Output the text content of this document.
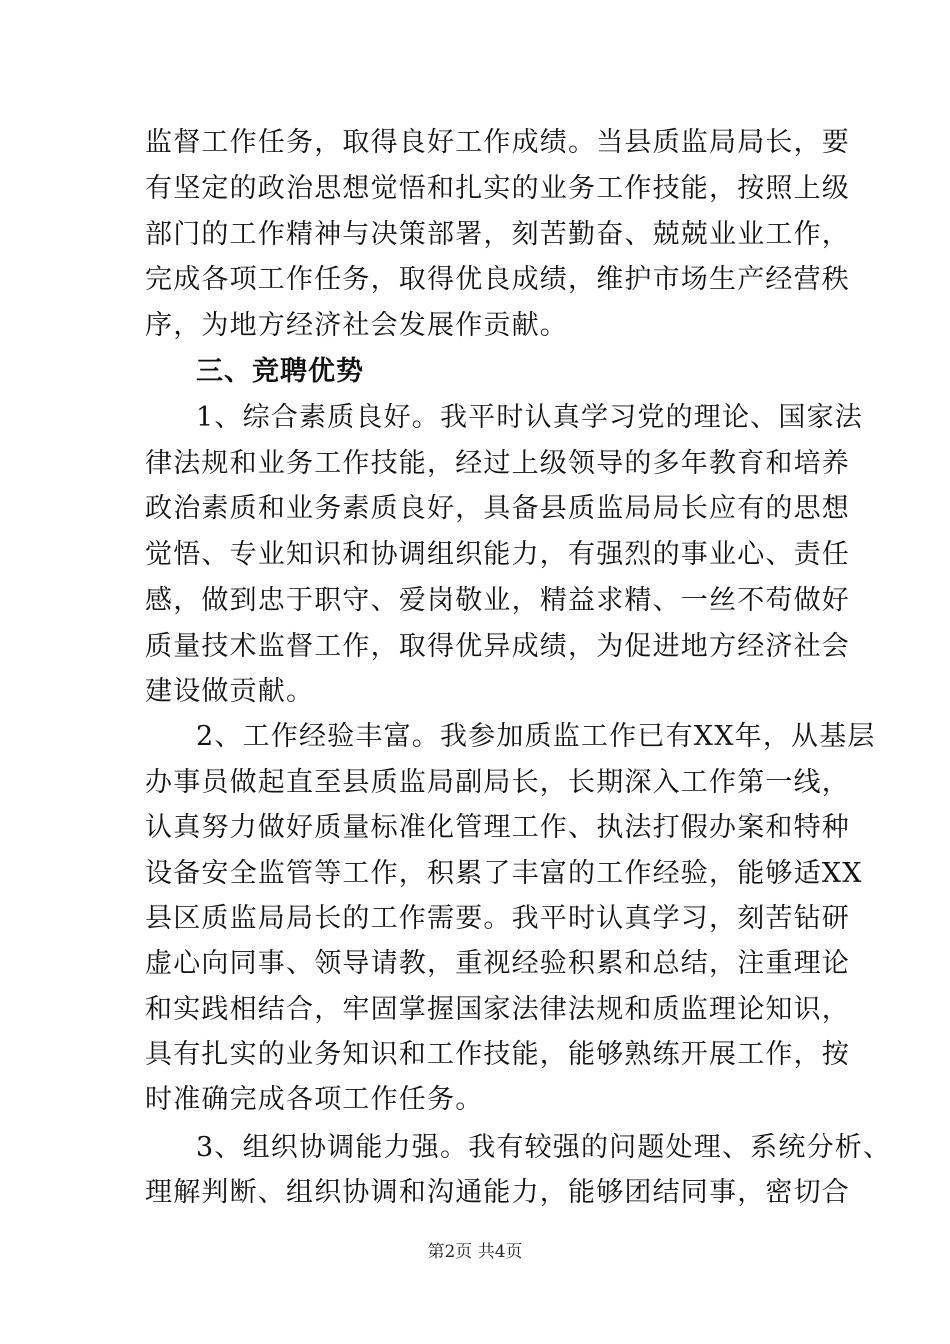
监督工作任务，取得良好工作成绩。当县质监局局长，要
有坚定的政治思想觉悟和扎实的业务工作技能，按照上级
部门的工作精神与决策部署，刻苦勤奋、兢兢业业工作，
完成各项工作任务，取得优良成绩，维护市场生产经营秩
序，为地方经济社会发展作贡献。
三、竞聘优势
1、综合素质良好。我平时认真学习党的理论、国家法
律法规和业务工作技能，经过上级领导的多年教育和培养
政治素质和业务素质良好，具备县质监局局长应有的思想
觉悟、专业知识和协调组织能力，有强烈的事业心、责任
感，做到忠于职守、爱岗敬业，精益求精、一丝不苟做好
质量技术监督工作，取得优异成绩，为促进地方经济社会
建设做贡献。
2、工作经验丰富。我参加质监工作已有XX年，从基层
办事员做起直至县质监局副局长，长期深入工作第一线，
认真努力做好质量标准化管理工作、执法打假办案和特种
设备安全监管等工作，积累了丰富的工作经验，能够适XX
县区质监局局长的工作需要。我平时认真学习，刻苦钻研
虚心向同事、领导请教，重视经验积累和总结，注重理论
和实践相结合，牢固掌握国家法律法规和质监理论知识，
具有扎实的业务知识和工作技能，能够熟练开展工作，按
时准确完成各项工作任务。
3、组织协调能力强。我有较强的问题处理、系统分析、
理解判断、组织协调和沟通能力，能够团结同事，密切合
第2页 共4页
